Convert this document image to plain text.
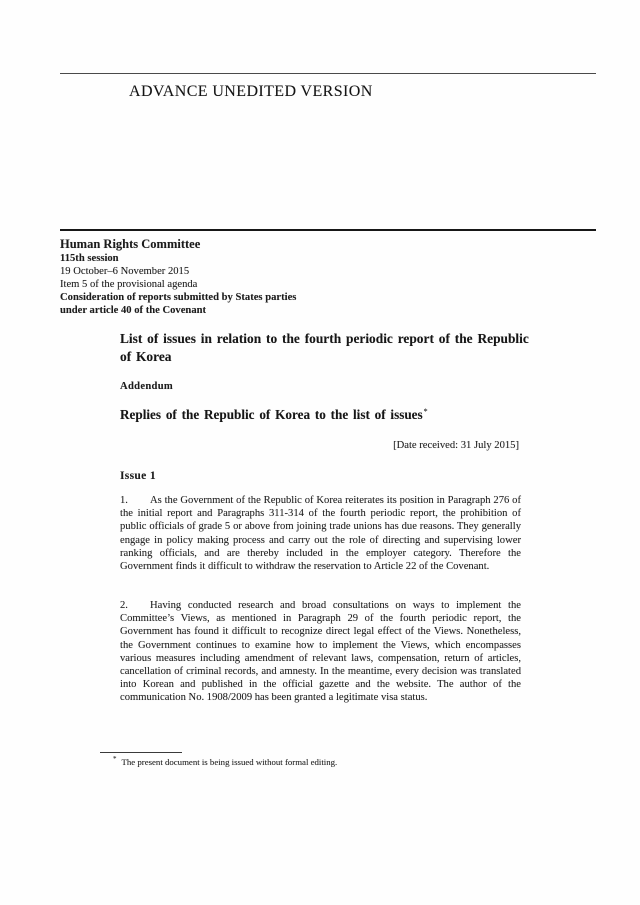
ADVANCE UNEDITED VERSION
Human Rights Committee
115th session
19 October–6 November 2015
Item 5 of the provisional agenda
Consideration of reports submitted by States parties
under article 40 of the Covenant
List of issues in relation to the fourth periodic report of the Republic of Korea
Addendum
Replies of the Republic of Korea to the list of issues*
[Date received: 31 July 2015]
Issue 1

1. As the Government of the Republic of Korea reiterates its position in Paragraph 276 of the initial report and Paragraphs 311-314 of the fourth periodic report, the prohibition of public officials of grade 5 or above from joining trade unions has due reasons. They generally engage in policy making process and carry out the role of directing and supervising lower ranking officials, and are thereby included in the employer category. Therefore the Government finds it difficult to withdraw the reservation to Article 22 of the Covenant.

2. Having conducted research and broad consultations on ways to implement the Committee’s Views, as mentioned in Paragraph 29 of the fourth periodic report, the Government has found it difficult to recognize direct legal effect of the Views. Nonetheless, the Government continues to examine how to implement the Views, which encompasses various measures including amendment of relevant laws, compensation, return of articles, cancellation of criminal records, and amnesty. In the meantime, every decision was translated into Korean and published in the official gazette and the website. The author of the communication No. 1908/2009 has been granted a legitimate visa status.

* The present document is being issued without formal editing.
